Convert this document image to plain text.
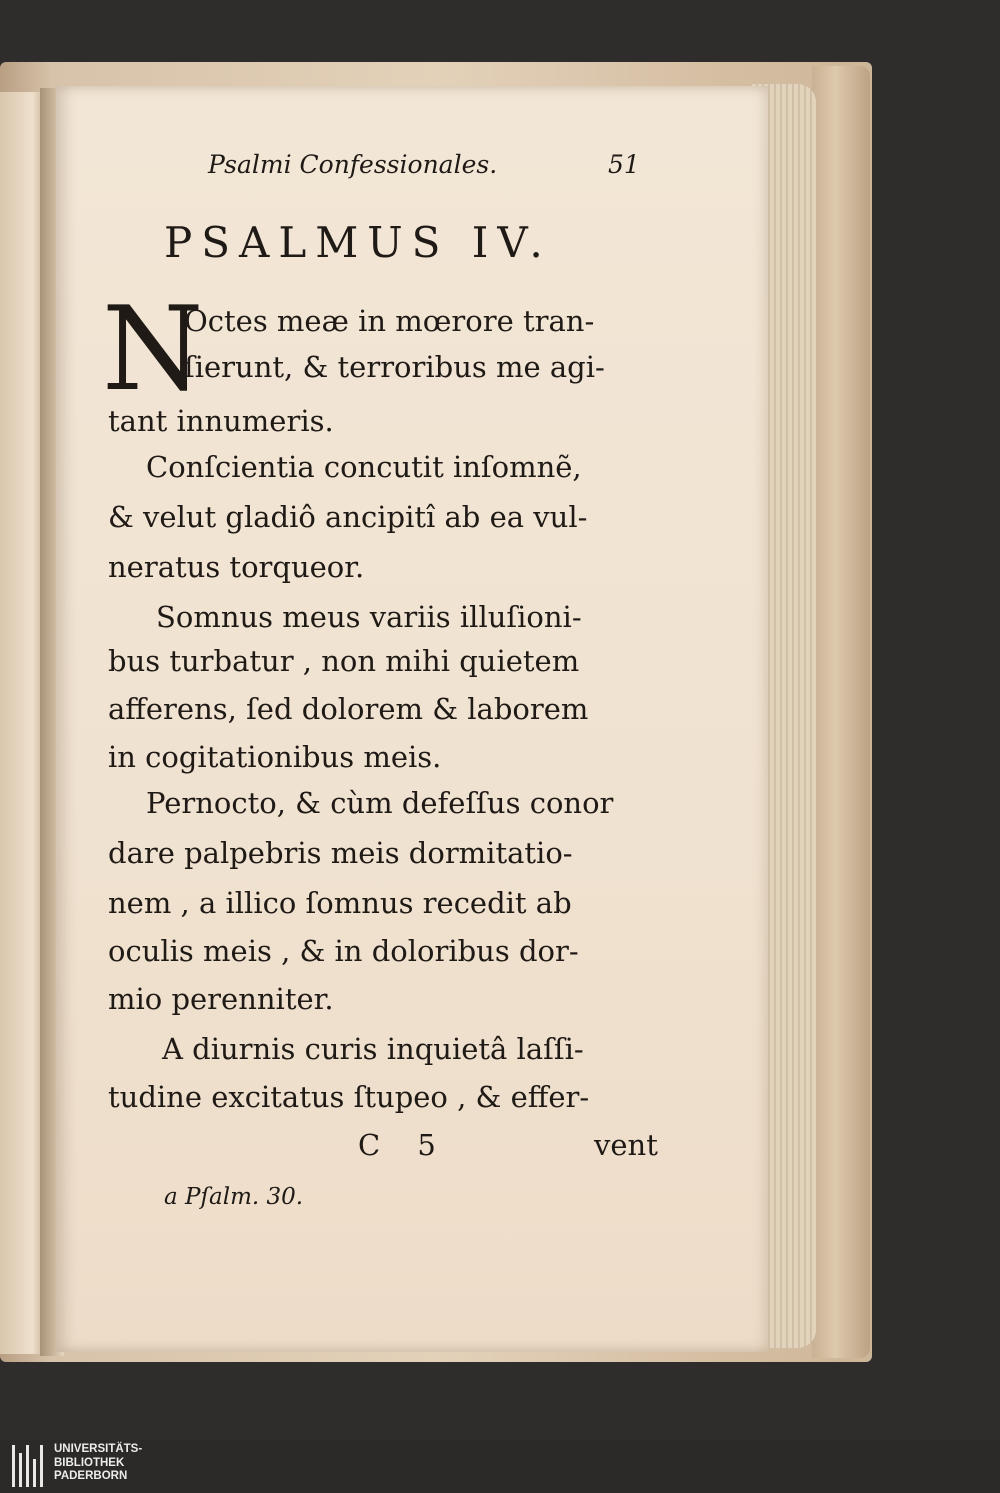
Psalmi Confessionales.	51
PSALMUS IV.
N
Octes meæ in mœrore tran-
ſierunt, & terroribus me agi-
tant innumeris.
Conſcientia concutit inſomnẽ,
& velut gladiô ancipitî ab ea vul-
neratus torqueor.
Somnus meus variis illuſioni-
bus turbatur , non mihi quietem
afferens, ſed dolorem & laborem
in cogitationibus meis.
Pernocto, & cùm defeſſus conor
dare palpebris meis dormitatio-
nem , a illico ſomnus recedit ab
oculis meis , & in doloribus dor-
mio perenniter.
A diurnis curis inquietâ laſſi-
tudine excitatus ſtupeo , & effer-
C 5	vent
a Pſalm. 30.
UNIVERSITÄTS-
BIBLIOTHEK
PADERBORN
